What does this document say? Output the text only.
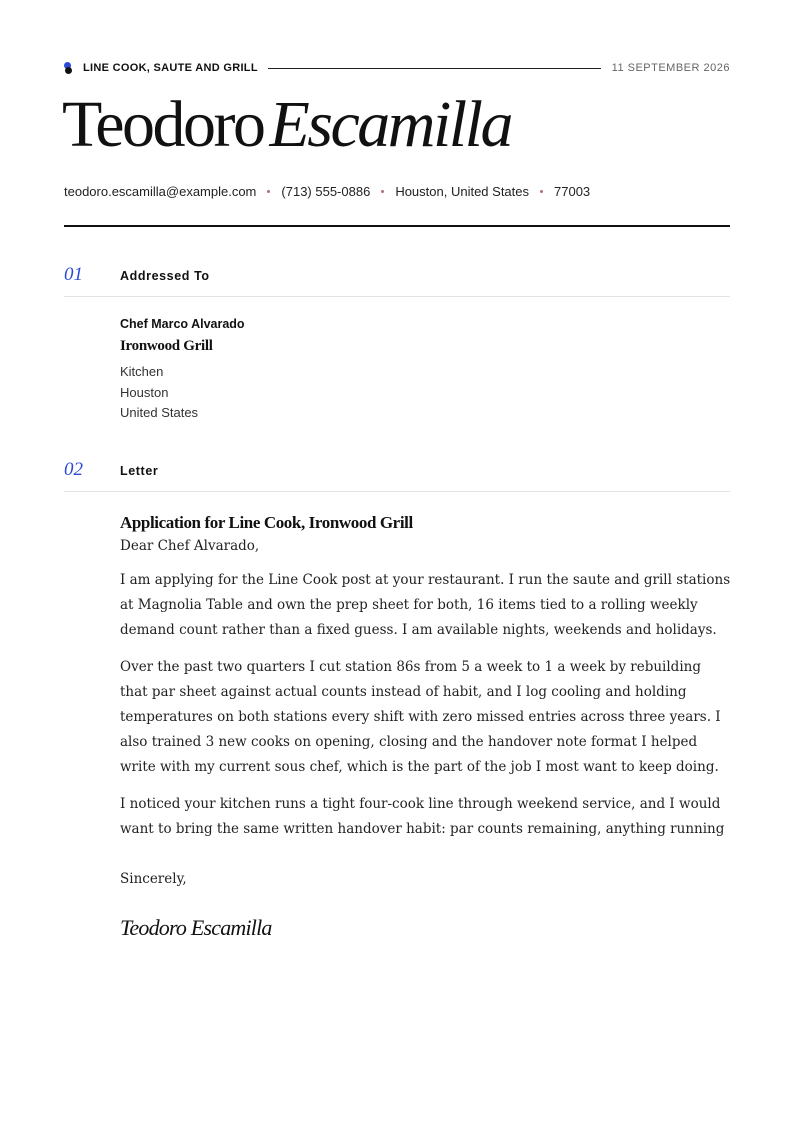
LINE COOK, SAUTE AND GRILL	11 SEPTEMBER 2026
TeodoroEscamilla
teodoro.escamilla@example.com (713) 555-0886 Houston, United States 77003
01	Addressed To
Chef Marco Alvarado
Ironwood Grill
Kitchen
Houston
United States
02	Letter
Application for Line Cook, Ironwood Grill
Dear Chef Alvarado,

I am applying for the Line Cook post at your restaurant. I run the saute and grill stations at Magnolia Table and own the prep sheet for both, 16 items tied to a rolling weekly demand count rather than a fixed guess. I am available nights, weekends and holidays.

Over the past two quarters I cut station 86s from 5 a week to 1 a week by rebuilding that par sheet against actual counts instead of habit, and I log cooling and holding temperatures on both stations every shift with zero missed entries across three years. I also trained 3 new cooks on opening, closing and the handover note format I helped write with my current sous chef, which is the part of the job I most want to keep doing.

I noticed your kitchen runs a tight four-cook line through weekend service, and I would want to bring the same written handover habit: par counts remaining, anything running

Sincerely,
Teodoro Escamilla
